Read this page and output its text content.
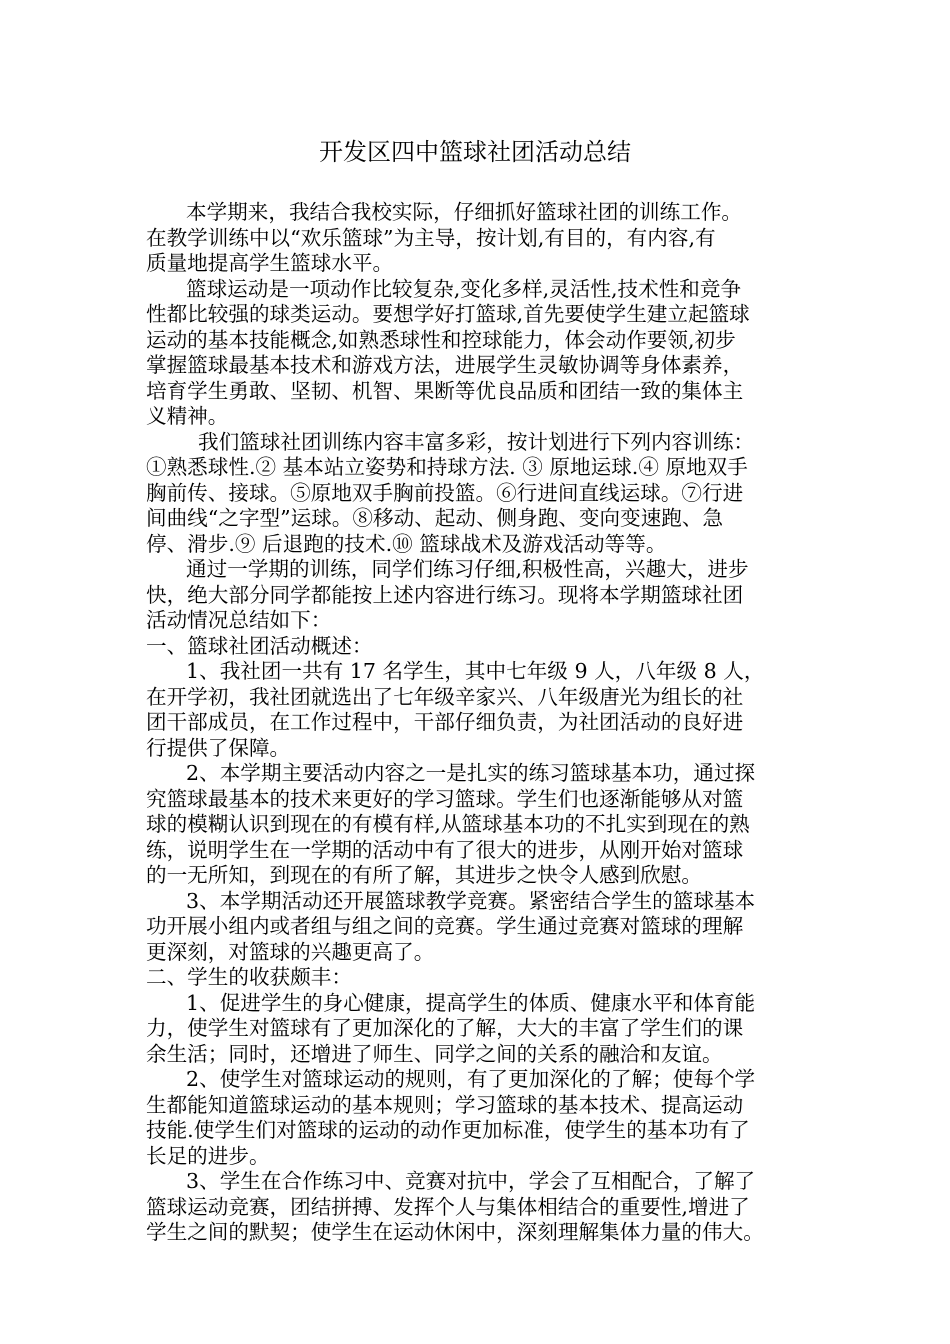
开发区四中篮球社团活动总结
本学期来，我结合我校实际，仔细抓好篮球社团的训练工作。
在教学训练中以“欢乐篮球”为主导，按计划,有目的，有内容,有
质量地提高学生篮球水平。
篮球运动是一项动作比较复杂,变化多样,灵活性,技术性和竞争
性都比较强的球类运动。要想学好打篮球,首先要使学生建立起篮球
运动的基本技能概念,如熟悉球性和控球能力，体会动作要领,初步
掌握篮球最基本技术和游戏方法，进展学生灵敏协调等身体素养，
培育学生勇敢、坚韧、机智、果断等优良品质和团结一致的集体主
义精神。
我们篮球社团训练内容丰富多彩，按计划进行下列内容训练：
①熟悉球性.② 基本站立姿势和持球方法. ③ 原地运球.④ 原地双手
胸前传、接球。⑤原地双手胸前投篮。⑥行进间直线运球。⑦行进
间曲线“之字型”运球。⑧移动、起动、侧身跑、变向变速跑、急
停、滑步.⑨ 后退跑的技术.⑩ 篮球战术及游戏活动等等。
通过一学期的训练，同学们练习仔细,积极性高，兴趣大，进步
快，绝大部分同学都能按上述内容进行练习。现将本学期篮球社团
活动情况总结如下：
一、篮球社团活动概述：
1、我社团一共有 17 名学生，其中七年级 9 人，八年级 8 人，
在开学初，我社团就选出了七年级辛家兴、八年级唐光为组长的社
团干部成员，在工作过程中，干部仔细负责，为社团活动的良好进
行提供了保障。
2、本学期主要活动内容之一是扎实的练习篮球基本功，通过探
究篮球最基本的技术来更好的学习篮球。学生们也逐渐能够从对篮
球的模糊认识到现在的有模有样,从篮球基本功的不扎实到现在的熟
练，说明学生在一学期的活动中有了很大的进步，从刚开始对篮球
的一无所知，到现在的有所了解，其进步之快令人感到欣慰。
3、本学期活动还开展篮球教学竞赛。紧密结合学生的篮球基本
功开展小组内或者组与组之间的竞赛。学生通过竞赛对篮球的理解
更深刻，对篮球的兴趣更高了。
二、学生的收获颇丰：
1、促进学生的身心健康，提高学生的体质、健康水平和体育能
力，使学生对篮球有了更加深化的了解，大大的丰富了学生们的课
余生活；同时，还增进了师生、同学之间的关系的融洽和友谊。
2、使学生对篮球运动的规则，有了更加深化的了解；使每个学
生都能知道篮球运动的基本规则；学习篮球的基本技术、提高运动
技能.使学生们对篮球的运动的动作更加标准，使学生的基本功有了
长足的进步。
3、学生在合作练习中、竞赛对抗中，学会了互相配合，了解了
篮球运动竞赛，团结拼搏、发挥个人与集体相结合的重要性,增进了
学生之间的默契；使学生在运动休闲中，深刻理解集体力量的伟大。
